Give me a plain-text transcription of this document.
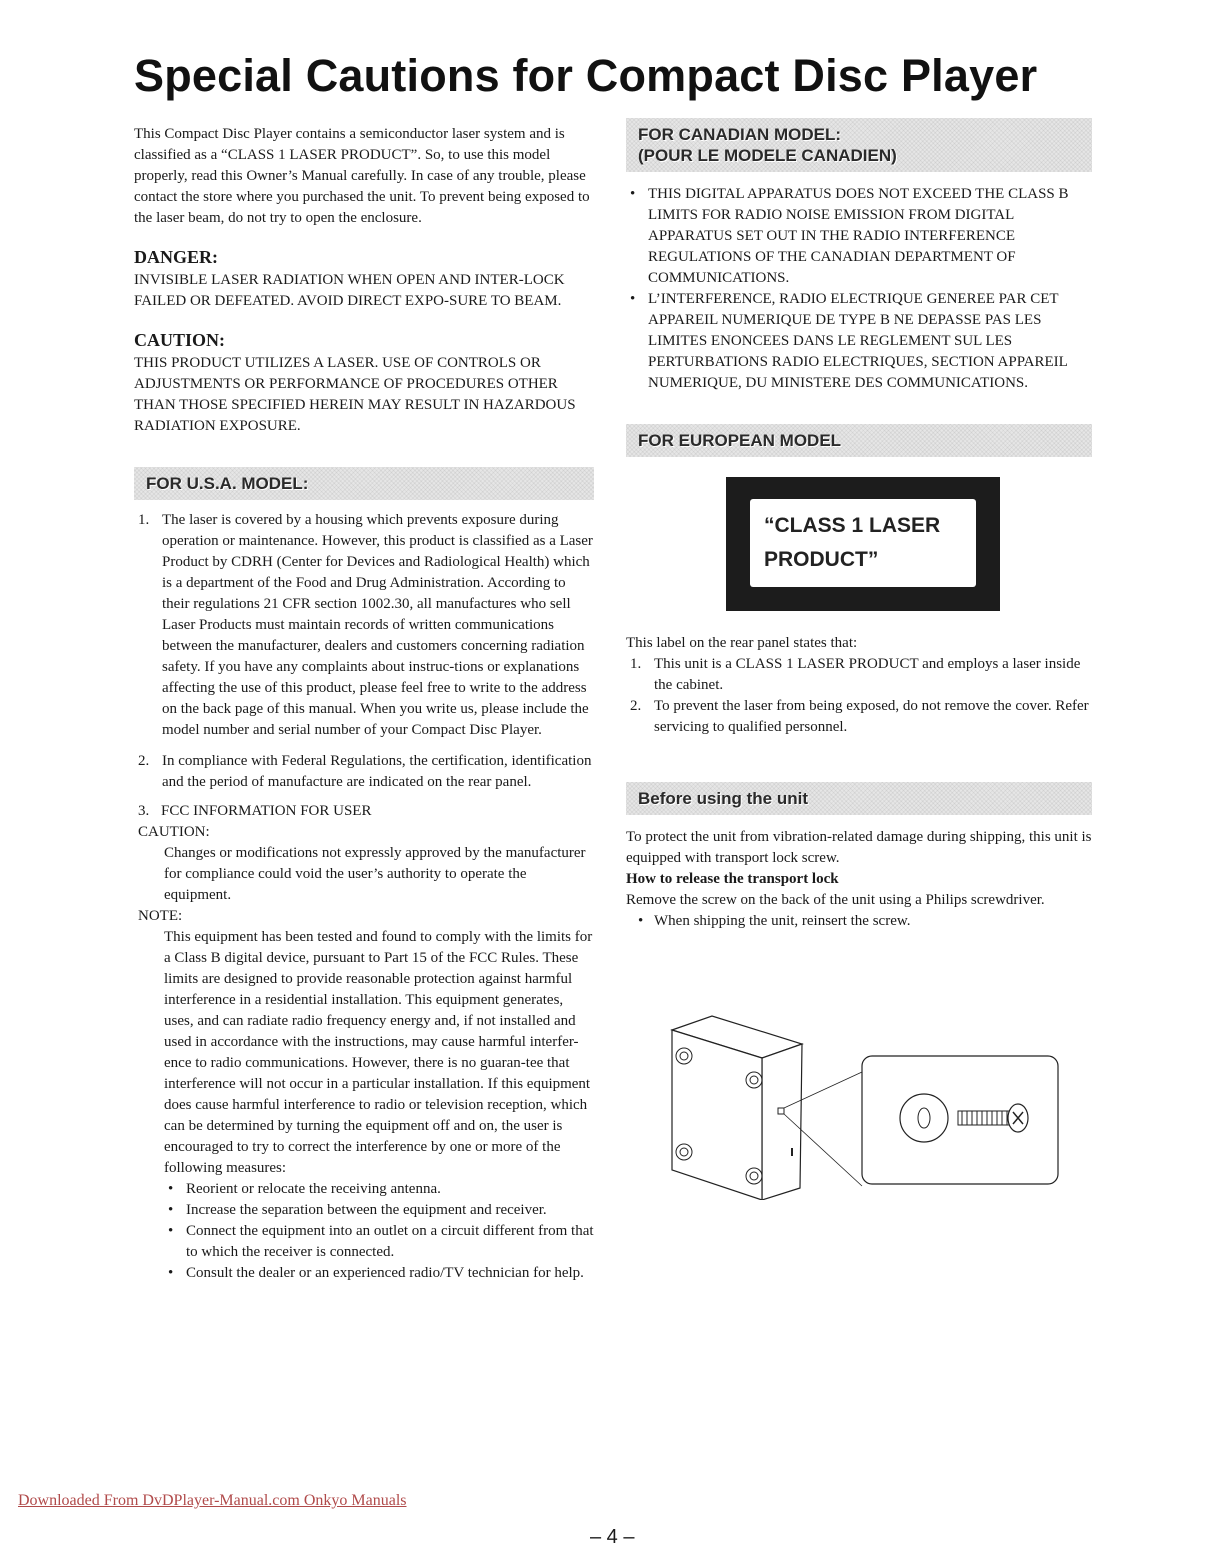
Special Cautions for Compact Disc Player

This Compact Disc Player contains a semiconductor laser system and is classified as a “CLASS 1 LASER PRODUCT”. So, to use this model properly, read this Owner’s Manual carefully. In case of any trouble, please contact the store where you purchased the unit. To prevent being exposed to the laser beam, do not try to open the enclosure.

DANGER:

INVISIBLE LASER RADIATION WHEN OPEN AND INTER-LOCK FAILED OR DEFEATED. AVOID DIRECT EXPO-SURE TO BEAM.

CAUTION:

THIS PRODUCT UTILIZES A LASER. USE OF CONTROLS OR ADJUSTMENTS OR PERFORMANCE OF PROCEDURES OTHER THAN THOSE SPECIFIED HEREIN MAY RESULT IN HAZARDOUS RADIATION EXPOSURE.

FOR U.S.A. MODEL:
1. The laser is covered by a housing which prevents exposure during operation or maintenance. However, this product is classified as a Laser Product by CDRH (Center for Devices and Radiological Health) which is a department of the Food and Drug Administration. According to their regulations 21 CFR section 1002.30, all manufactures who sell Laser Products must maintain records of written communications between the manufacturer, dealers and customers concerning radiation safety. If you have any complaints about instruc-tions or explanations affecting the use of this product, please feel free to write to the address on the back page of this manual. When you write us, please include the model number and serial number of your Compact Disc Player.
2. In compliance with Federal Regulations, the certification, identification and the period of manufacture are indicated on the rear panel.
3. FCC INFORMATION FOR USER
CAUTION:

Changes or modifications not expressly approved by the manufacturer for compliance could void the user’s authority to operate the equipment.

NOTE:

This equipment has been tested and found to comply with the limits for a Class B digital device, pursuant to Part 15 of the FCC Rules. These limits are designed to provide reasonable protection against harmful interference in a residential installation. This equipment generates, uses, and can radiate radio frequency energy and, if not installed and used in accordance with the instructions, may cause harmful interfer-ence to radio communications. However, there is no guaran-tee that interference will not occur in a particular installation. If this equipment does cause harmful interference to radio or television reception, which can be determined by turning the equipment off and on, the user is encouraged to try to correct the interference by one or more of the following measures:

• Reorient or relocate the receiving antenna.
• Increase the separation between the equipment and receiver.
• Connect the equipment into an outlet on a circuit different from that to which the receiver is connected.
• Consult the dealer or an experienced radio/TV technician for help.
FOR CANADIAN MODEL:
(POUR LE MODELE CANADIEN)
• THIS DIGITAL APPARATUS DOES NOT EXCEED THE CLASS B LIMITS FOR RADIO NOISE EMISSION FROM DIGITAL APPARATUS SET OUT IN THE RADIO INTERFERENCE REGULATIONS OF THE CANADIAN DEPARTMENT OF COMMUNICATIONS.
• L’INTERFERENCE, RADIO ELECTRIQUE GENEREE PAR CET APPAREIL NUMERIQUE DE TYPE B NE DEPASSE PAS LES LIMITES ENONCEES DANS LE REGLEMENT SUL LES PERTURBATIONS RADIO ELECTRIQUES, SECTION APPAREIL NUMERIQUE, DU MINISTERE DES COMMUNICATIONS.
FOR EUROPEAN MODEL
“CLASS 1 LASER
PRODUCT”

This label on the rear panel states that:

1. This unit is a CLASS 1 LASER PRODUCT and employs a laser inside the cabinet.
2. To prevent the laser from being exposed, do not remove the cover. Refer servicing to qualified personnel.
Before using the unit

To protect the unit from vibration-related damage during shipping, this unit is equipped with transport lock screw.

How to release the transport lock

Remove the screw on the back of the unit using a Philips screwdriver.

• When shipping the unit, reinsert the screw.
Downloaded From DvDPlayer-Manual.com Onkyo Manuals
– 4 –
